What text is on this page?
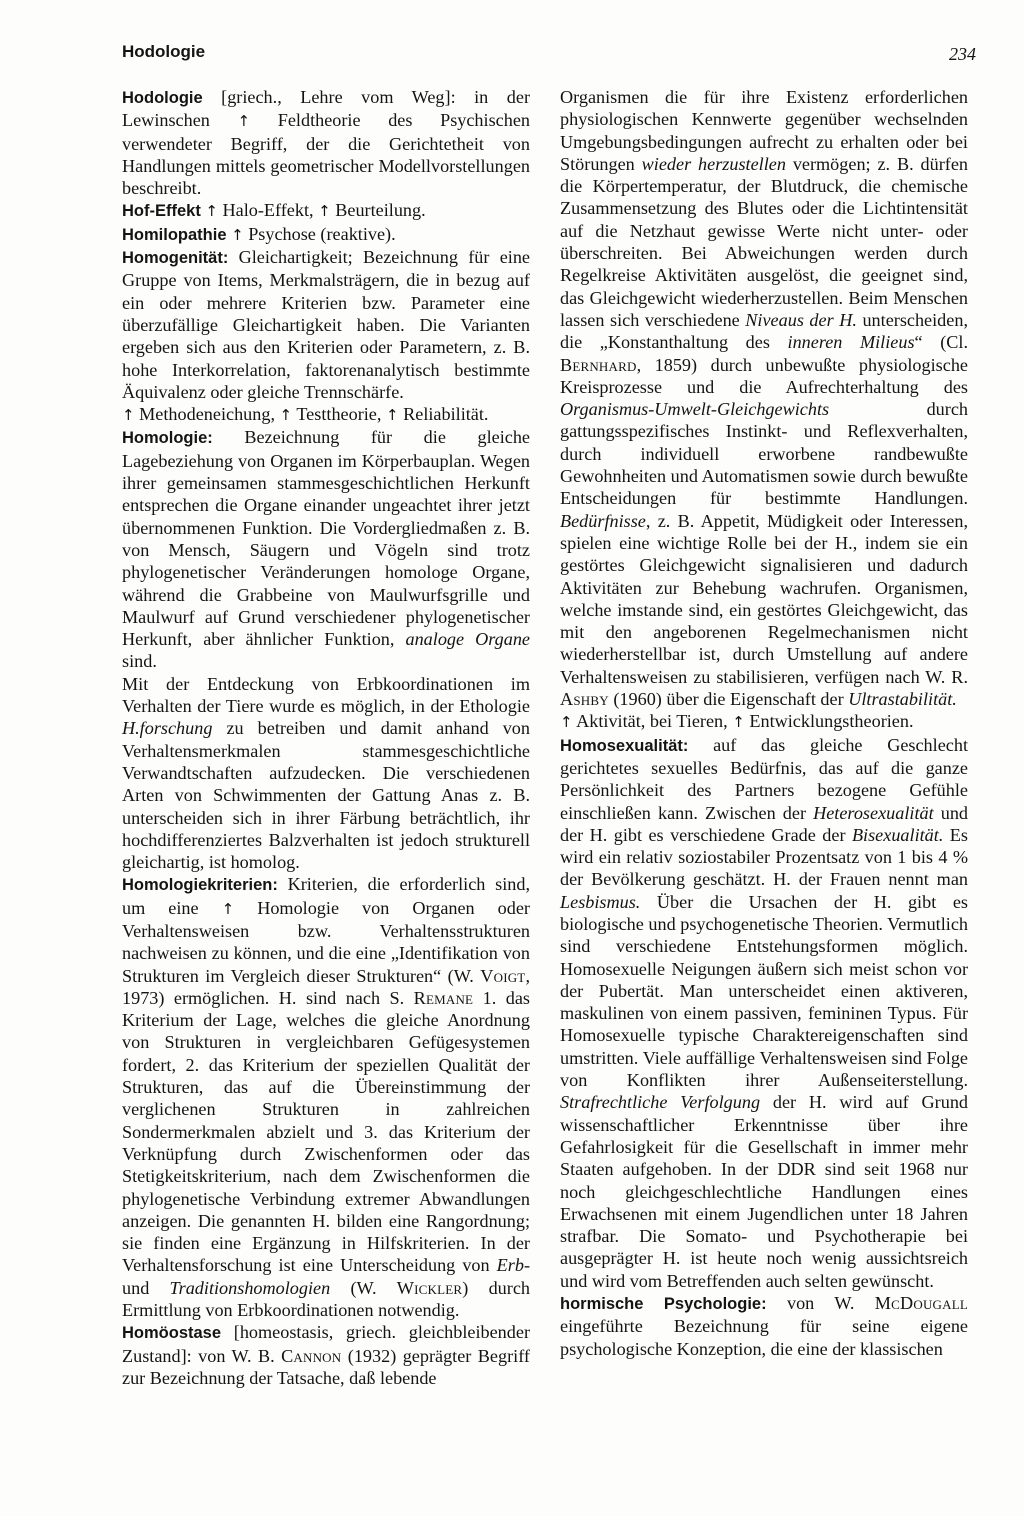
Hodologie	234

Hodologie [griech., Lehre vom Weg]: in der Lewinschen ↑ Feldtheorie des Psychischen verwendeter Begriff, der die Gerichtetheit von Handlungen mittels geometrischer Modellvorstellungen beschreibt.

Hof-Effekt ↑ Halo-Effekt, ↑ Beurteilung.

Homilopathie ↑ Psychose (reaktive).

Homogenität: Gleichartigkeit; Bezeichnung für eine Gruppe von Items, Merkmalsträgern, die in bezug auf ein oder mehrere Kriterien bzw. Parameter eine überzufällige Gleichartigkeit haben. Die Varianten ergeben sich aus den Kriterien oder Parametern, z. B. hohe Interkorrelation, faktorenanalytisch bestimmte Äquivalenz oder gleiche Trennschärfe.

↑ Methodeneichung, ↑ Testtheorie, ↑ Reliabilität.

Homologie: Bezeichnung für die gleiche Lagebeziehung von Organen im Körperbauplan. Wegen ihrer gemeinsamen stammesgeschichtlichen Herkunft entsprechen die Organe einander ungeachtet ihrer jetzt übernommenen Funktion. Die Vordergliedmaßen z. B. von Mensch, Säugern und Vögeln sind trotz phylogenetischer Veränderungen homologe Organe, während die Grabbeine von Maulwurfsgrille und Maulwurf auf Grund verschiedener phylogenetischer Herkunft, aber ähnlicher Funktion, analoge Organe sind.

Mit der Entdeckung von Erbkoordinationen im Verhalten der Tiere wurde es möglich, in der Ethologie H.forschung zu betreiben und damit anhand von Verhaltensmerkmalen stammesgeschichtliche Verwandtschaften aufzudecken. Die verschiedenen Arten von Schwimmenten der Gattung Anas z. B. unterscheiden sich in ihrer Färbung beträchtlich, ihr hochdifferenziertes Balzverhalten ist jedoch strukturell gleichartig, ist homolog.

Homologiekriterien: Kriterien, die erforderlich sind, um eine ↑ Homologie von Organen oder Verhaltensweisen bzw. Verhaltensstrukturen nachweisen zu können, und die eine „Identifikation von Strukturen im Vergleich dieser Strukturen“ (W. Voigt, 1973) ermöglichen. H. sind nach S. Remane 1. das Kriterium der Lage, welches die gleiche Anordnung von Strukturen in vergleichbaren Gefügesystemen fordert, 2. das Kriterium der speziellen Qualität der Strukturen, das auf die Übereinstimmung der verglichenen Strukturen in zahlreichen Sondermerkmalen abzielt und 3. das Kriterium der Verknüpfung durch Zwischenformen oder das Stetigkeitskriterium, nach dem Zwischenformen die phylogenetische Verbindung extremer Abwandlungen anzeigen. Die genannten H. bilden eine Rangordnung; sie finden eine Ergänzung in Hilfskriterien. In der Verhaltensforschung ist eine Unterscheidung von Erb- und Traditionshomologien (W. Wickler) durch Ermittlung von Erbkoordinationen notwendig.

Homöostase [homeostasis, griech. gleichbleibender Zustand]: von W. B. Cannon (1932) geprägter Begriff zur Bezeichnung der Tatsache, daß lebende

Organismen die für ihre Existenz erforderlichen physiologischen Kennwerte gegenüber wechselnden Umgebungsbedingungen aufrecht zu erhalten oder bei Störungen wieder herzustellen vermögen; z. B. dürfen die Körpertemperatur, der Blutdruck, die chemische Zusammensetzung des Blutes oder die Lichtintensität auf die Netzhaut gewisse Werte nicht unter- oder überschreiten. Bei Abweichungen werden durch Regelkreise Aktivitäten ausgelöst, die geeignet sind, das Gleichgewicht wiederherzustellen. Beim Menschen lassen sich verschiedene Niveaus der H. unterscheiden, die „Konstanthaltung des inneren Milieus“ (Cl. Bernhard, 1859) durch unbewußte physiologische Kreisprozesse und die Aufrechterhaltung des Organismus-Umwelt-Gleichgewichts durch gattungsspezifisches Instinkt- und Reflexverhalten, durch individuell erworbene randbewußte Gewohnheiten und Automatismen sowie durch bewußte Entscheidungen für bestimmte Handlungen. Bedürfnisse, z. B. Appetit, Müdigkeit oder Interessen, spielen eine wichtige Rolle bei der H., indem sie ein gestörtes Gleichgewicht signalisieren und dadurch Aktivitäten zur Behebung wachrufen. Organismen, welche imstande sind, ein gestörtes Gleichgewicht, das mit den angeborenen Regelmechanismen nicht wiederherstellbar ist, durch Umstellung auf andere Verhaltensweisen zu stabilisieren, verfügen nach W. R. Ashby (1960) über die Eigenschaft der Ultrastabilität.

↑ Aktivität, bei Tieren, ↑ Entwicklungstheorien.

Homosexualität: auf das gleiche Geschlecht gerichtetes sexuelles Bedürfnis, das auf die ganze Persönlichkeit des Partners bezogene Gefühle einschließen kann. Zwischen der Heterosexualität und der H. gibt es verschiedene Grade der Bisexualität. Es wird ein relativ soziostabiler Prozentsatz von 1 bis 4 % der Bevölkerung geschätzt. H. der Frauen nennt man Lesbismus. Über die Ursachen der H. gibt es biologische und psychogenetische Theorien. Vermutlich sind verschiedene Entstehungsformen möglich. Homosexuelle Neigungen äußern sich meist schon vor der Pubertät. Man unterscheidet einen aktiveren, maskulinen von einem passiven, femininen Typus. Für Homosexuelle typische Charaktereigenschaften sind umstritten. Viele auffällige Verhaltensweisen sind Folge von Konflikten ihrer Außenseiterstellung. Strafrechtliche Verfolgung der H. wird auf Grund wissenschaftlicher Erkenntnisse über ihre Gefahrlosigkeit für die Gesellschaft in immer mehr Staaten aufgehoben. In der DDR sind seit 1968 nur noch gleichgeschlechtliche Handlungen eines Erwachsenen mit einem Jugendlichen unter 18 Jahren strafbar. Die Somato- und Psychotherapie bei ausgeprägter H. ist heute noch wenig aussichtsreich und wird vom Betreffenden auch selten gewünscht.

hormische Psychologie: von W. McDougall eingeführte Bezeichnung für seine eigene psychologische Konzeption, die eine der klassischen
